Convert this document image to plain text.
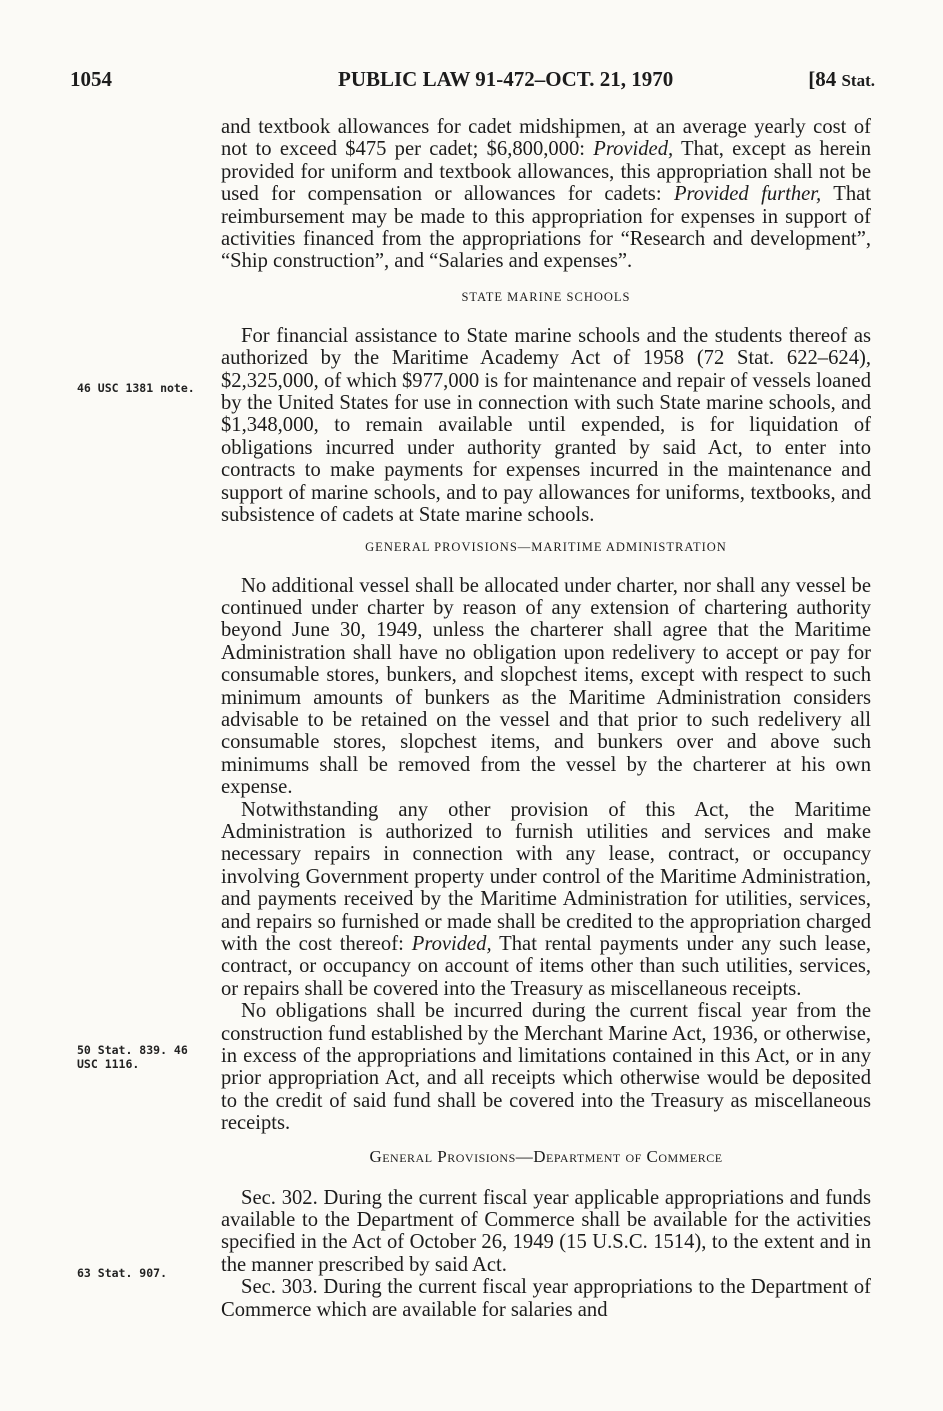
1054	PUBLIC LAW 91-472–OCT. 21, 1970	[84 Stat.
46 USC 1381 note.
50 Stat. 839. 46 USC 1116.
63 Stat. 907.

and textbook allowances for cadet midshipmen, at an average yearly cost of not to exceed $475 per cadet; $6,800,000: Provided, That, except as herein provided for uniform and textbook allowances, this appropriation shall not be used for compensation or allowances for cadets: Provided further, That reimbursement may be made to this appropriation for expenses in support of activities financed from the appropriations for “Research and development”, “Ship construction”, and “Salaries and expenses”.

STATE MARINE SCHOOLS

For financial assistance to State marine schools and the students thereof as authorized by the Maritime Academy Act of 1958 (72 Stat. 622–624), $2,325,000, of which $977,000 is for maintenance and repair of vessels loaned by the United States for use in connection with such State marine schools, and $1,348,000, to remain available until expended, is for liquidation of obligations incurred under authority granted by said Act, to enter into contracts to make payments for expenses incurred in the maintenance and support of marine schools, and to pay allowances for uniforms, textbooks, and subsistence of cadets at State marine schools.

GENERAL PROVISIONS—MARITIME ADMINISTRATION

No additional vessel shall be allocated under charter, nor shall any vessel be continued under charter by reason of any extension of chartering authority beyond June 30, 1949, unless the charterer shall agree that the Maritime Administration shall have no obligation upon redelivery to accept or pay for consumable stores, bunkers, and slopchest items, except with respect to such minimum amounts of bunkers as the Maritime Administration considers advisable to be retained on the vessel and that prior to such redelivery all consumable stores, slopchest items, and bunkers over and above such minimums shall be removed from the vessel by the charterer at his own expense.

Notwithstanding any other provision of this Act, the Maritime Administration is authorized to furnish utilities and services and make necessary repairs in connection with any lease, contract, or occupancy involving Government property under control of the Maritime Administration, and payments received by the Maritime Administration for utilities, services, and repairs so furnished or made shall be credited to the appropriation charged with the cost thereof: Provided, That rental payments under any such lease, contract, or occupancy on account of items other than such utilities, services, or repairs shall be covered into the Treasury as miscellaneous receipts.

No obligations shall be incurred during the current fiscal year from the construction fund established by the Merchant Marine Act, 1936, or otherwise, in excess of the appropriations and limitations contained in this Act, or in any prior appropriation Act, and all receipts which otherwise would be deposited to the credit of said fund shall be covered into the Treasury as miscellaneous receipts.

General Provisions—Department of Commerce

Sec. 302. During the current fiscal year applicable appropriations and funds available to the Department of Commerce shall be available for the activities specified in the Act of October 26, 1949 (15 U.S.C. 1514), to the extent and in the manner prescribed by said Act.

Sec. 303. During the current fiscal year appropriations to the Department of Commerce which are available for salaries and
